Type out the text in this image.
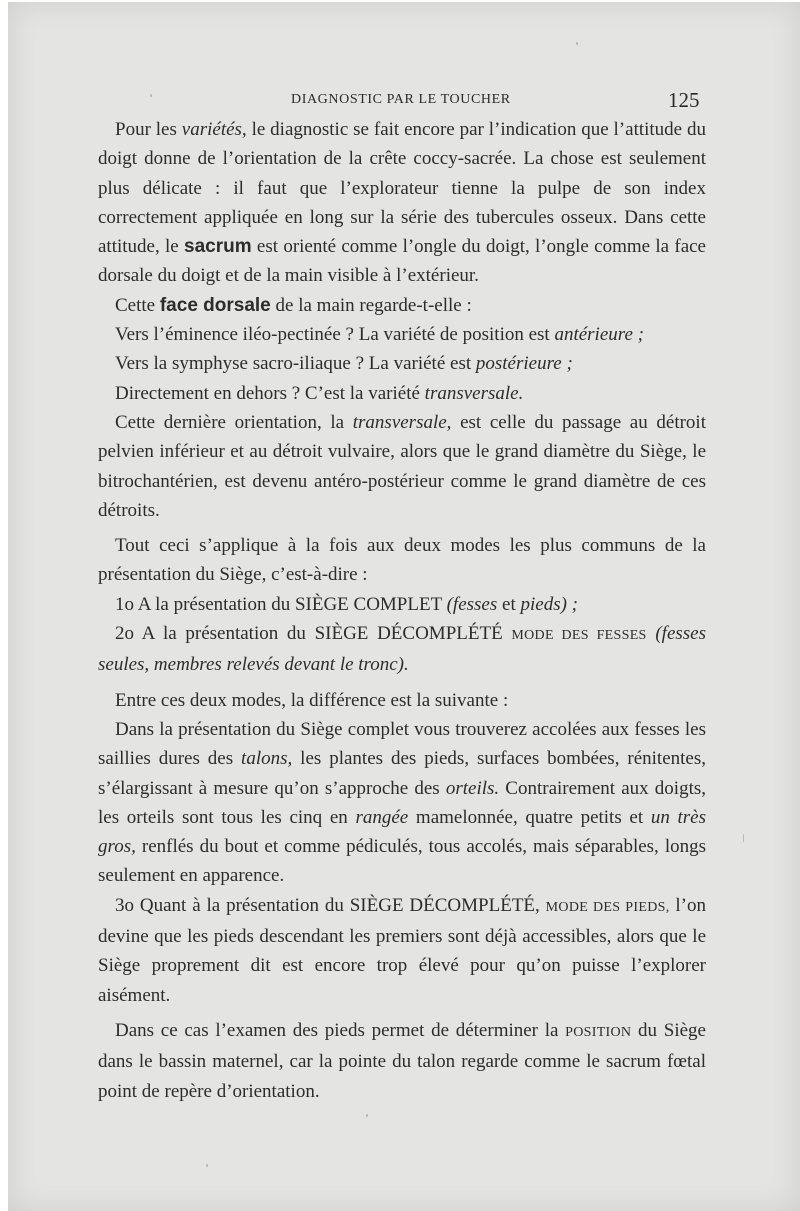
DIAGNOSTIC PAR LE TOUCHER	125

Pour les variétés, le diagnostic se fait encore par l’indication que l’attitude du doigt donne de l’orientation de la crête coccy-sacrée. La chose est seulement plus délicate : il faut que l’explorateur tienne la pulpe de son index correctement appliquée en long sur la série des tubercules osseux. Dans cette attitude, le sacrum est orienté comme l’ongle du doigt, l’ongle comme la face dorsale du doigt et de la main visible à l’extérieur.

Cette face dorsale de la main regarde-t-elle :

Vers l’éminence iléo-pectinée ? La variété de position est antérieure ;

Vers la symphyse sacro-iliaque ? La variété est postérieure ;

Directement en dehors ? C’est la variété transversale.

Cette dernière orientation, la transversale, est celle du passage au détroit pelvien inférieur et au détroit vulvaire, alors que le grand diamètre du Siège, le bitrochantérien, est devenu antéro-postérieur comme le grand diamètre de ces détroits.

Tout ceci s’applique à la fois aux deux modes les plus communs de la présentation du Siège, c’est-à-dire :

1o A la présentation du SIÈGE COMPLET (fesses et pieds) ;

2o A la présentation du SIÈGE DÉCOMPLÉTÉ MODE DES FESSES (fesses seules, membres relevés devant le tronc).

Entre ces deux modes, la différence est la suivante :

Dans la présentation du Siège complet vous trouverez accolées aux fesses les saillies dures des talons, les plantes des pieds, surfaces bombées, rénitentes, s’élargissant à mesure qu’on s’approche des orteils. Contrairement aux doigts, les orteils sont tous les cinq en rangée mamelonnée, quatre petits et un très gros, renflés du bout et comme pédiculés, tous accolés, mais séparables, longs seulement en apparence.

3o Quant à la présentation du SIÈGE DÉCOMPLÉTÉ, MODE DES PIEDS, l’on devine que les pieds descendant les premiers sont déjà accessibles, alors que le Siège proprement dit est encore trop élevé pour qu’on puisse l’explorer aisément.

Dans ce cas l’examen des pieds permet de déterminer la POSITION du Siège dans le bassin maternel, car la pointe du talon regarde comme le sacrum fœtal point de repère d’orientation.
